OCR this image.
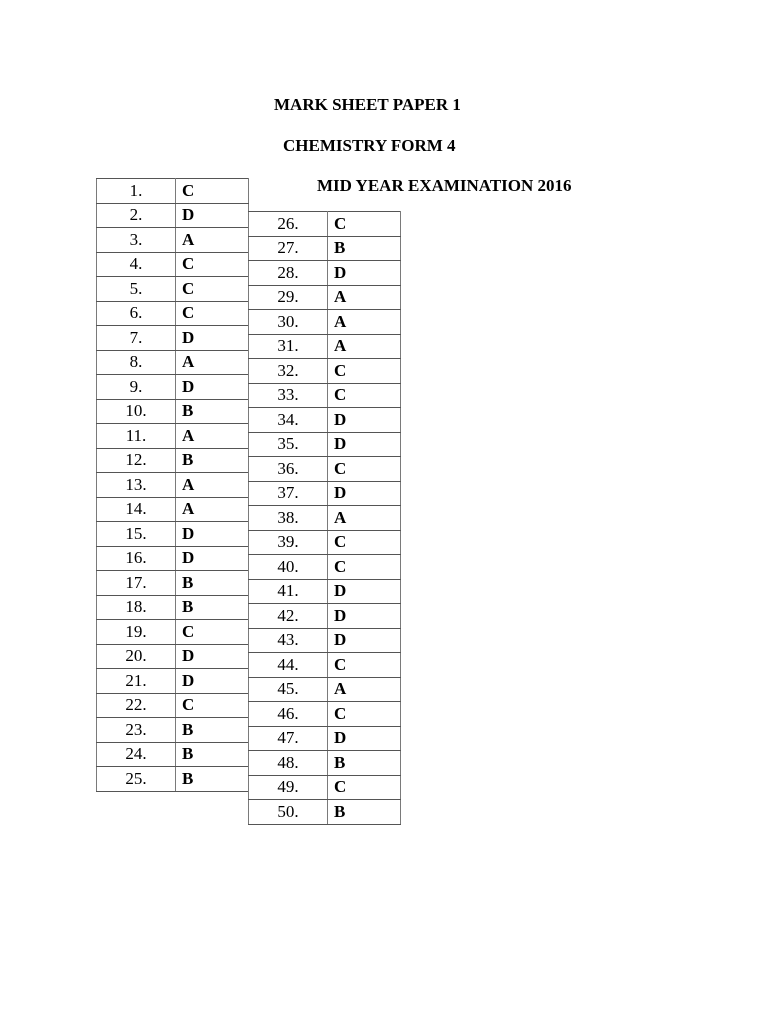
MARK SHEET PAPER 1
CHEMISTRY FORM 4
MID YEAR EXAMINATION 2016
1.	C
2.	D
3.	A
4.	C
5.	C
6.	C
7.	D
8.	A
9.	D
10.	B
11.	A
12.	B
13.	A
14.	A
15.	D
16.	D
17.	B
18.	B
19.	C
20.	D
21.	D
22.	C
23.	B
24.	B
25.	B
26.	C
27.	B
28.	D
29.	A
30.	A
31.	A
32.	C
33.	C
34.	D
35.	D
36.	C
37.	D
38.	A
39.	C
40.	C
41.	D
42.	D
43.	D
44.	C
45.	A
46.	C
47.	D
48.	B
49.	C
50.	B
